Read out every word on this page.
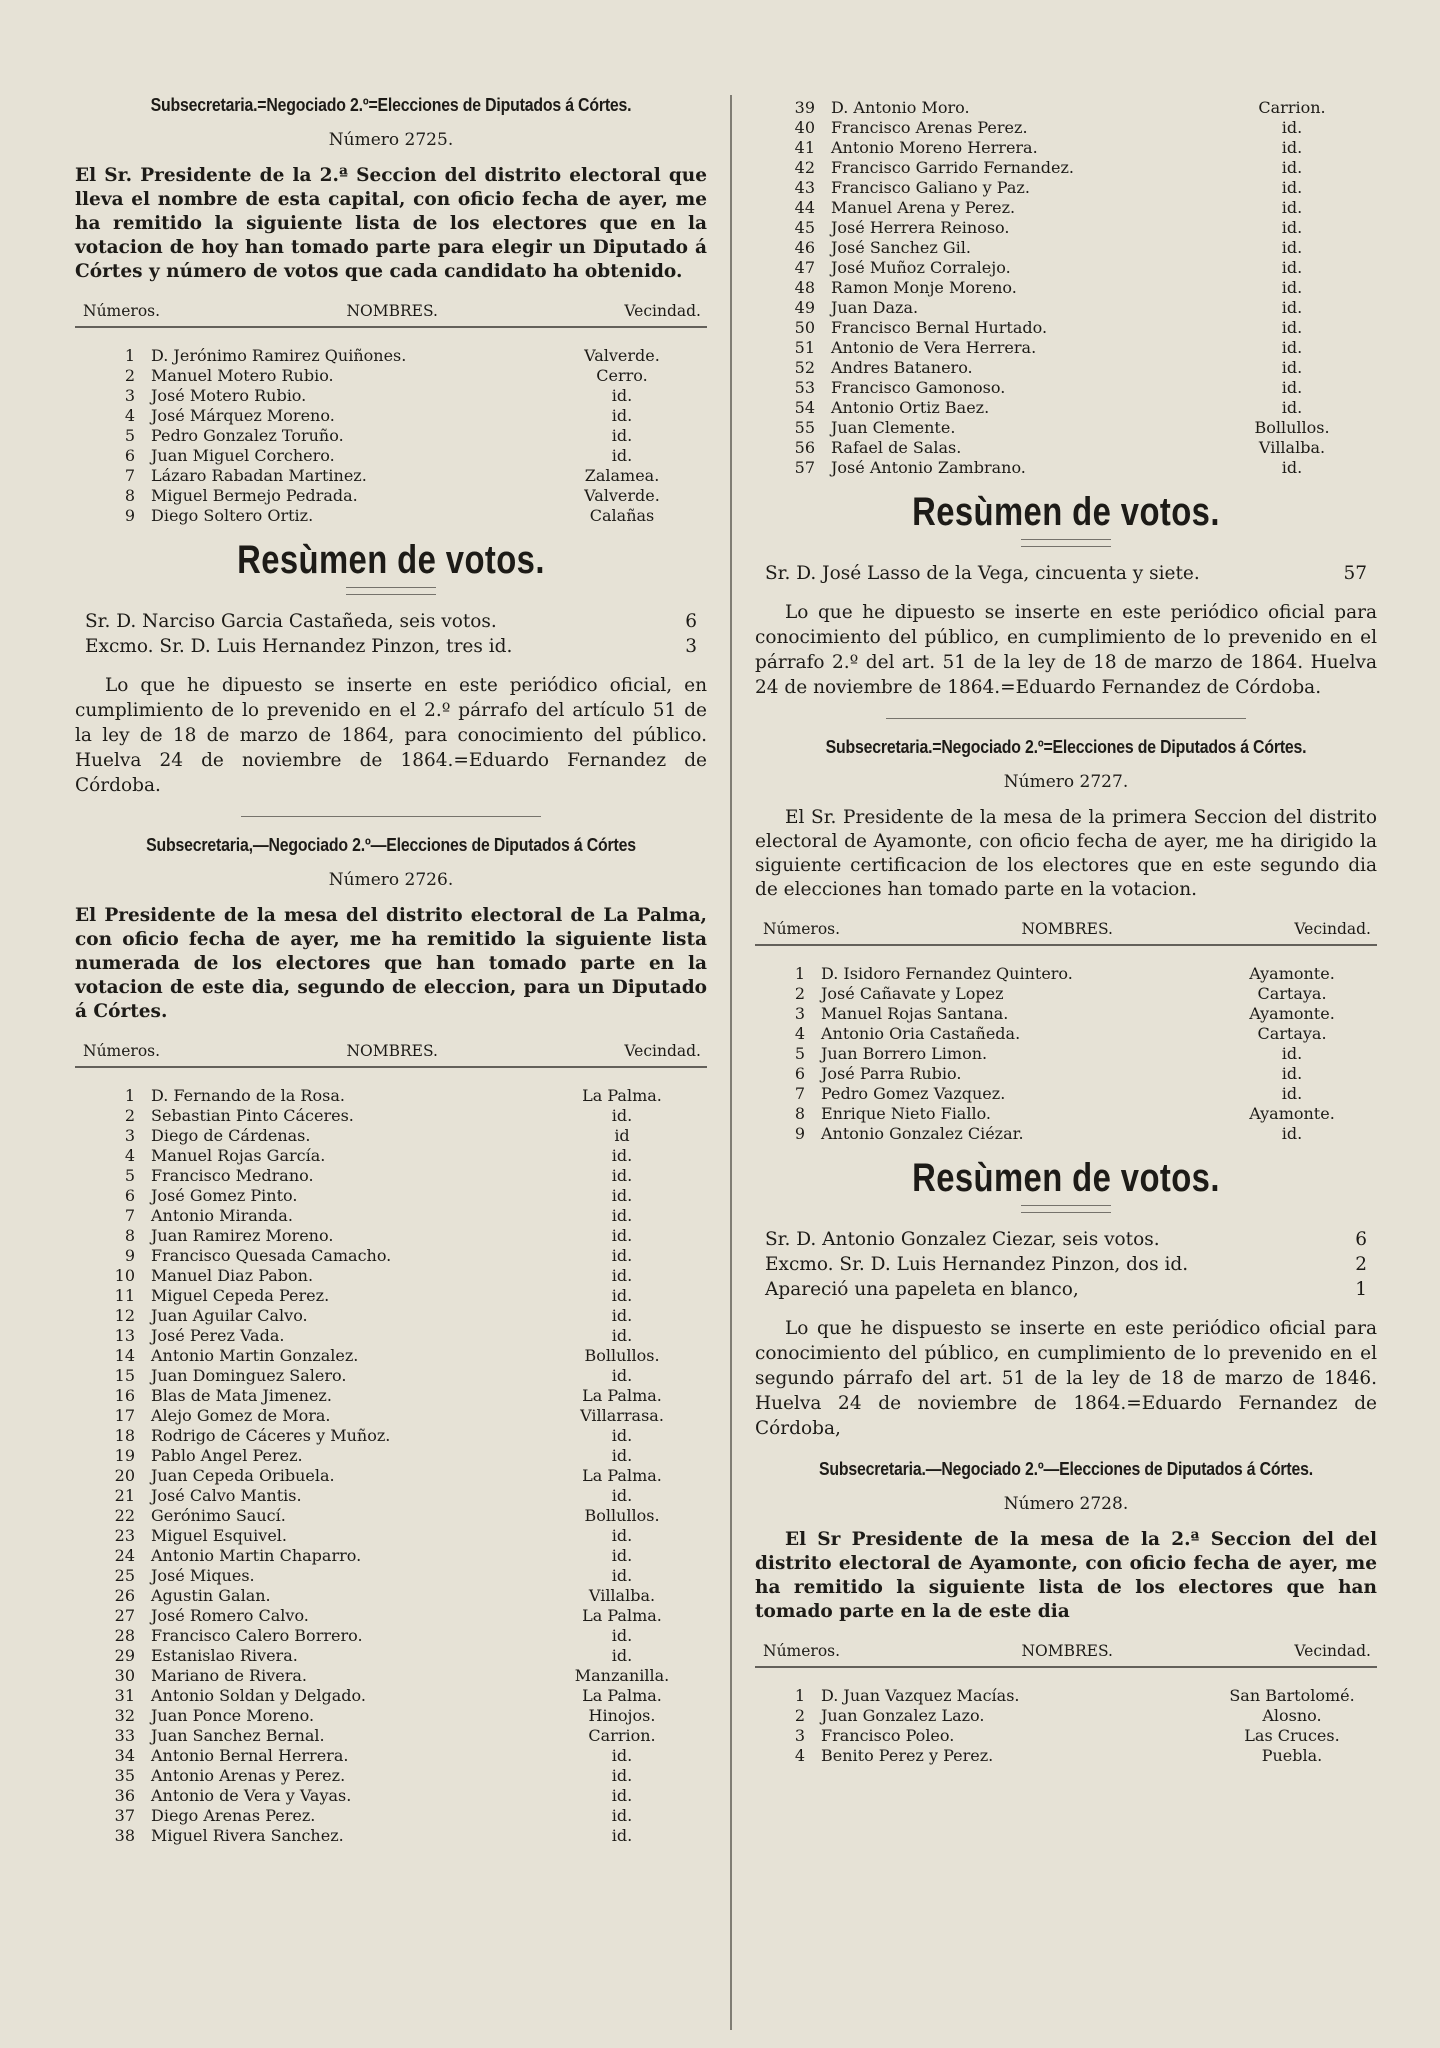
Subsecretaria.=Negociado 2.º=Elecciones de Diputados á Córtes.

Número 2725.

El Sr. Presidente de la 2.ª Seccion del distrito electoral que lleva el nombre de esta capital, con oficio fecha de ayer, me ha remitido la siguiente lista de los electores que en la votacion de hoy han tomado parte para elegir un Diputado á Córtes y número de votos que cada candidato ha obtenido.

Números.	NOMBRES.	Vecindad.
1	D. Jerónimo Ramirez Quiñones.	Valverde.
2	Manuel Motero Rubio.	Cerro.
3	José Motero Rubio.	id.
4	José Márquez Moreno.	id.
5	Pedro Gonzalez Toruño.	id.
6	Juan Miguel Corchero.	id.
7	Lázaro Rabadan Martinez.	Zalamea.
8	Miguel Bermejo Pedrada.	Valverde.
9	Diego Soltero Ortiz.	Calañas

Resùmen de votos.

Sr. D. Narciso Garcia Castañeda, seis votos.	6
Excmo. Sr. D. Luis Hernandez Pinzon, tres id.	3

Lo que he dipuesto se inserte en este periódico oficial, en cumplimiento de lo prevenido en el 2.º párrafo del artículo 51 de la ley de 18 de marzo de 1864, para conocimiento del público. Huelva 24 de noviembre de 1864.=Eduardo Fernandez de Córdoba.

Subsecretaria,—Negociado 2.º—Elecciones de Diputados á Córtes

Número 2726.

El Presidente de la mesa del distrito electoral de La Palma, con oficio fecha de ayer, me ha remitido la siguiente lista numerada de los electores que han tomado parte en la votacion de este dia, segundo de eleccion, para un Diputado á Córtes.

Números.	NOMBRES.	Vecindad.
1	D. Fernando de la Rosa.	La Palma.
2	Sebastian Pinto Cáceres.	id.
3	Diego de Cárdenas.	id
4	Manuel Rojas García.	id.
5	Francisco Medrano.	id.
6	José Gomez Pinto.	id.
7	Antonio Miranda.	id.
8	Juan Ramirez Moreno.	id.
9	Francisco Quesada Camacho.	id.
10	Manuel Diaz Pabon.	id.
11	Miguel Cepeda Perez.	id.
12	Juan Aguilar Calvo.	id.
13	José Perez Vada.	id.
14	Antonio Martin Gonzalez.	Bollullos.
15	Juan Dominguez Salero.	id.
16	Blas de Mata Jimenez.	La Palma.
17	Alejo Gomez de Mora.	Villarrasa.
18	Rodrigo de Cáceres y Muñoz.	id.
19	Pablo Angel Perez.	id.
20	Juan Cepeda Oribuela.	La Palma.
21	José Calvo Mantis.	id.
22	Gerónimo Saucí.	Bollullos.
23	Miguel Esquivel.	id.
24	Antonio Martin Chaparro.	id.
25	José Miques.	id.
26	Agustin Galan.	Villalba.
27	José Romero Calvo.	La Palma.
28	Francisco Calero Borrero.	id.
29	Estanislao Rivera.	id.
30	Mariano de Rivera.	Manzanilla.
31	Antonio Soldan y Delgado.	La Palma.
32	Juan Ponce Moreno.	Hinojos.
33	Juan Sanchez Bernal.	Carrion.
34	Antonio Bernal Herrera.	id.
35	Antonio Arenas y Perez.	id.
36	Antonio de Vera y Vayas.	id.
37	Diego Arenas Perez.	id.
38	Miguel Rivera Sanchez.	id.
39	D. Antonio Moro.	Carrion.
40	Francisco Arenas Perez.	id.
41	Antonio Moreno Herrera.	id.
42	Francisco Garrido Fernandez.	id.
43	Francisco Galiano y Paz.	id.
44	Manuel Arena y Perez.	id.
45	José Herrera Reinoso.	id.
46	José Sanchez Gil.	id.
47	José Muñoz Corralejo.	id.
48	Ramon Monje Moreno.	id.
49	Juan Daza.	id.
50	Francisco Bernal Hurtado.	id.
51	Antonio de Vera Herrera.	id.
52	Andres Batanero.	id.
53	Francisco Gamonoso.	id.
54	Antonio Ortiz Baez.	id.
55	Juan Clemente.	Bollullos.
56	Rafael de Salas.	Villalba.
57	José Antonio Zambrano.	id.

Resùmen de votos.

Sr. D. José Lasso de la Vega, cincuenta y siete.	57

Lo que he dipuesto se inserte en este periódico oficial para conocimiento del público, en cumplimiento de lo prevenido en el párrafo 2.º del art. 51 de la ley de 18 de marzo de 1864. Huelva 24 de noviembre de 1864.=Eduardo Fernandez de Córdoba.

Subsecretaria.=Negociado 2.º=Elecciones de Diputados á Córtes.

Número 2727.

El Sr. Presidente de la mesa de la primera Seccion del distrito electoral de Ayamonte, con oficio fecha de ayer, me ha dirigido la siguiente certificacion de los electores que en este segundo dia de elecciones han tomado parte en la votacion.

Números.	NOMBRES.	Vecindad.
1	D. Isidoro Fernandez Quintero.	Ayamonte.
2	José Cañavate y Lopez	Cartaya.
3	Manuel Rojas Santana.	Ayamonte.
4	Antonio Oria Castañeda.	Cartaya.
5	Juan Borrero Limon.	id.
6	José Parra Rubio.	id.
7	Pedro Gomez Vazquez.	id.
8	Enrique Nieto Fiallo.	Ayamonte.
9	Antonio Gonzalez Ciézar.	id.

Resùmen de votos.

Sr. D. Antonio Gonzalez Ciezar, seis votos.	6
Excmo. Sr. D. Luis Hernandez Pinzon, dos id.	2
Apareció una papeleta en blanco,	1

Lo que he dispuesto se inserte en este periódico oficial para conocimiento del público, en cumplimiento de lo prevenido en el segundo párrafo del art. 51 de la ley de 18 de marzo de 1846. Huelva 24 de noviembre de 1864.=Eduardo Fernandez de Córdoba,

Subsecretaria.—Negociado 2.º—Elecciones de Diputados á Córtes.

Número 2728.

El Sr Presidente de la mesa de la 2.ª Seccion del del distrito electoral de Ayamonte, con oficio fecha de ayer, me ha remitido la siguiente lista de los electores que han tomado parte en la de este dia

Números.	NOMBRES.	Vecindad.
1	D. Juan Vazquez Macías.	San Bartolomé.
2	Juan Gonzalez Lazo.	Alosno.
3	Francisco Poleo.	Las Cruces.
4	Benito Perez y Perez.	Puebla.
